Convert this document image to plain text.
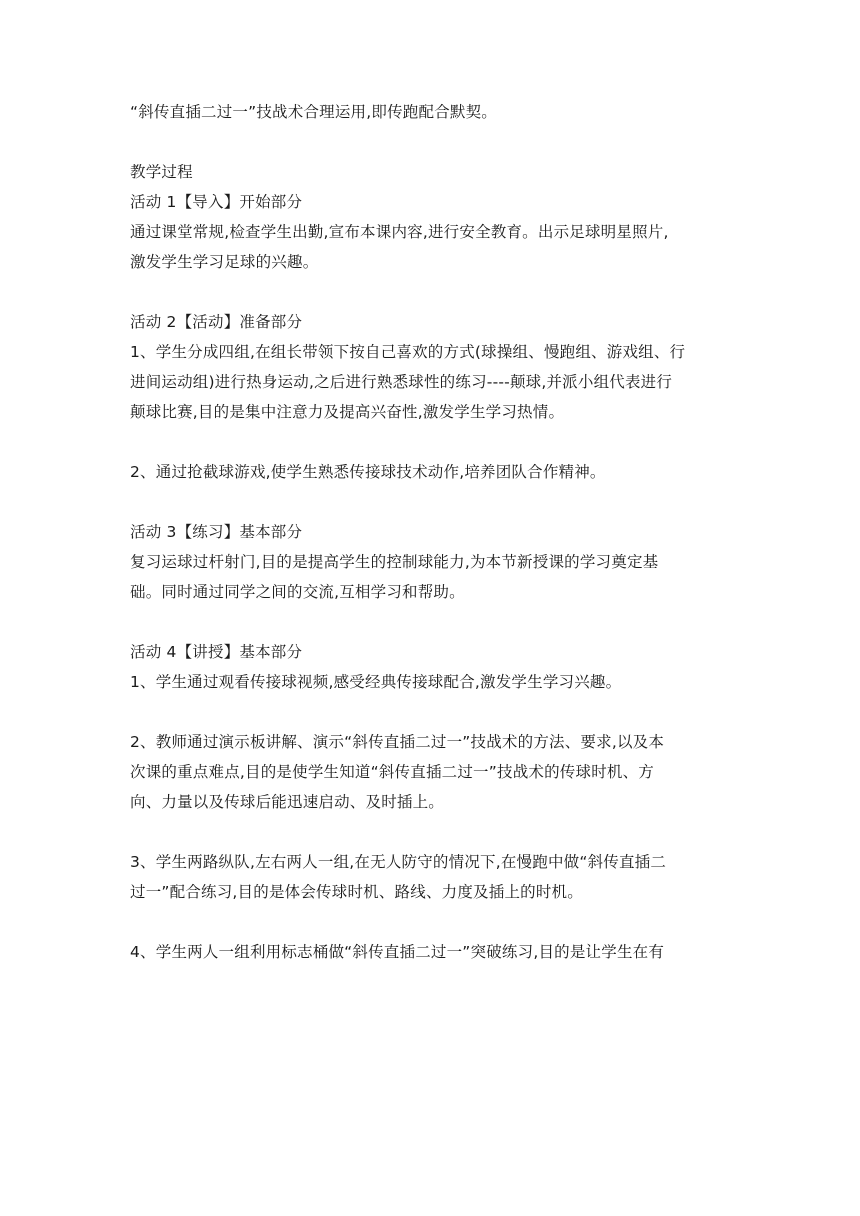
“斜传直插二过一”技战术合理运用,即传跑配合默契。
教学过程
活动 1【导入】开始部分
通过课堂常规,检查学生出勤,宣布本课内容,进行安全教育。出示足球明星照片,
激发学生学习足球的兴趣。
活动 2【活动】准备部分
1、学生分成四组,在组长带领下按自己喜欢的方式(球操组、慢跑组、游戏组、行
进间运动组)进行热身运动,之后进行熟悉球性的练习----颠球,并派小组代表进行
颠球比赛,目的是集中注意力及提高兴奋性,激发学生学习热情。
2、通过抢截球游戏,使学生熟悉传接球技术动作,培养团队合作精神。
活动 3【练习】基本部分
复习运球过杆射门,目的是提高学生的控制球能力,为本节新授课的学习奠定基
础。同时通过同学之间的交流,互相学习和帮助。
活动 4【讲授】基本部分
1、学生通过观看传接球视频,感受经典传接球配合,激发学生学习兴趣。
2、教师通过演示板讲解、演示“斜传直插二过一”技战术的方法、要求,以及本
次课的重点难点,目的是使学生知道“斜传直插二过一”技战术的传球时机、方
向、力量以及传球后能迅速启动、及时插上。
3、学生两路纵队,左右两人一组,在无人防守的情况下,在慢跑中做“斜传直插二
过一”配合练习,目的是体会传球时机、路线、力度及插上的时机。
4、学生两人一组利用标志桶做“斜传直插二过一”突破练习,目的是让学生在有
